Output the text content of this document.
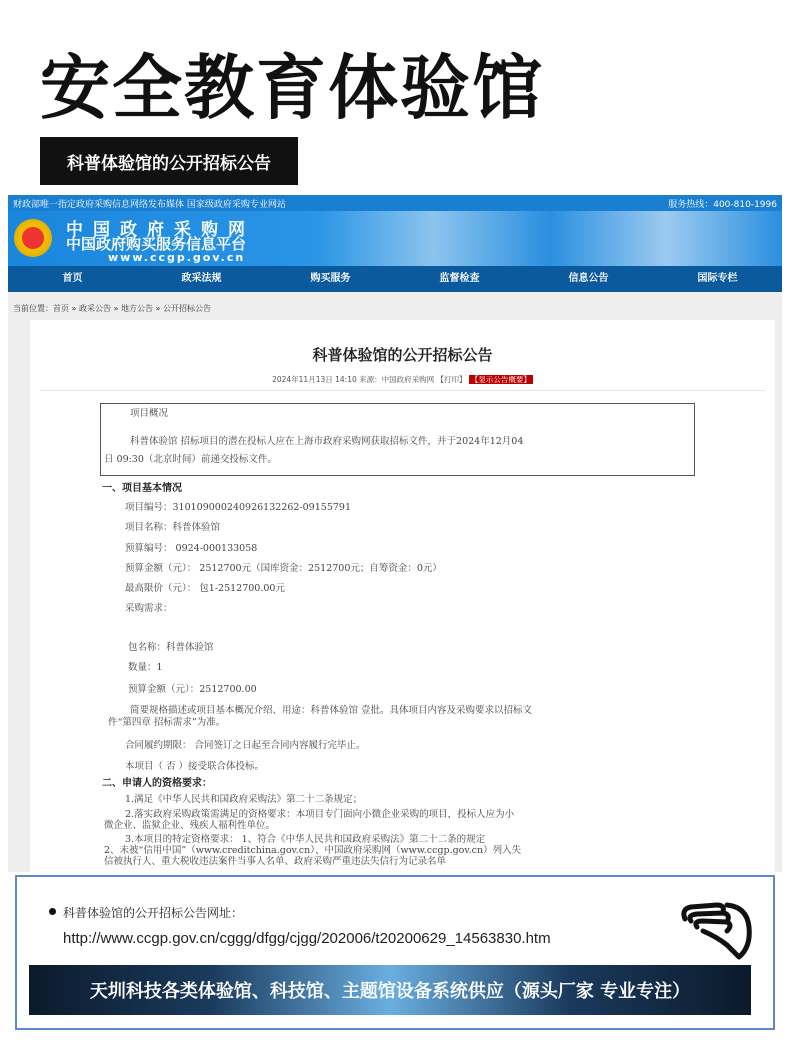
安全教育体验馆
科普体验馆的公开招标公告
财政部唯一指定政府采购信息网络发布媒体 国家级政府采购专业网站	服务热线：400-810-1996
中国政府采购网
中国政府购买服务信息平台
www.ccgp.gov.cn
首页	政采法规	购买服务	监督检查	信息公告	国际专栏
当前位置：首页 » 政采公告 » 地方公告 » 公开招标公告
科普体验馆的公开招标公告
2024年11月13日 14:10 来源：中国政府采购网 【打印】 【显示公告概要】
项目概况
科普体验馆 招标项目的潜在投标人应在上海市政府采购网获取招标文件，并于2024年12月04
日 09:30（北京时间）前递交投标文件。
一、项目基本情况
项目编号：310109000240926132262-09155791
项目名称：科普体验馆
预算编号： 0924-000133058
预算金额（元）： 2512700元（国库资金：2512700元；自筹资金：0元）
最高限价（元）： 包1-2512700.00元
采购需求：
包名称：科普体验馆
数量：1
预算金额（元）：2512700.00
简要规格描述或项目基本概况介绍、用途：科普体验馆 壹批。具体项目内容及采购要求以招标文
件“第四章 招标需求”为准。
合同履约期限： 合同签订之日起至合同内容履行完毕止。
本项目（ 否 ）接受联合体投标。
二、申请人的资格要求：
1.满足《中华人民共和国政府采购法》第二十二条规定；
2.落实政府采购政策需满足的资格要求：本项目专门面向小微企业采购的项目，投标人应为小
微企业、监狱企业、残疾人福利性单位。
3.本项目的特定资格要求： 1、符合《中华人民共和国政府采购法》第二十二条的规定
2、未被“信用中国”（www.creditchina.gov.cn）、中国政府采购网（www.ccgp.gov.cn）列入失
信被执行人、重大税收违法案件当事人名单、政府采购严重违法失信行为记录名单
科普体验馆的公开招标公告网址：
http://www.ccgp.gov.cn/cggg/dfgg/cjgg/202006/t20200629_14563830.htm
天圳科技各类体验馆、科技馆、主题馆设备系统供应（源头厂家 专业专注）
